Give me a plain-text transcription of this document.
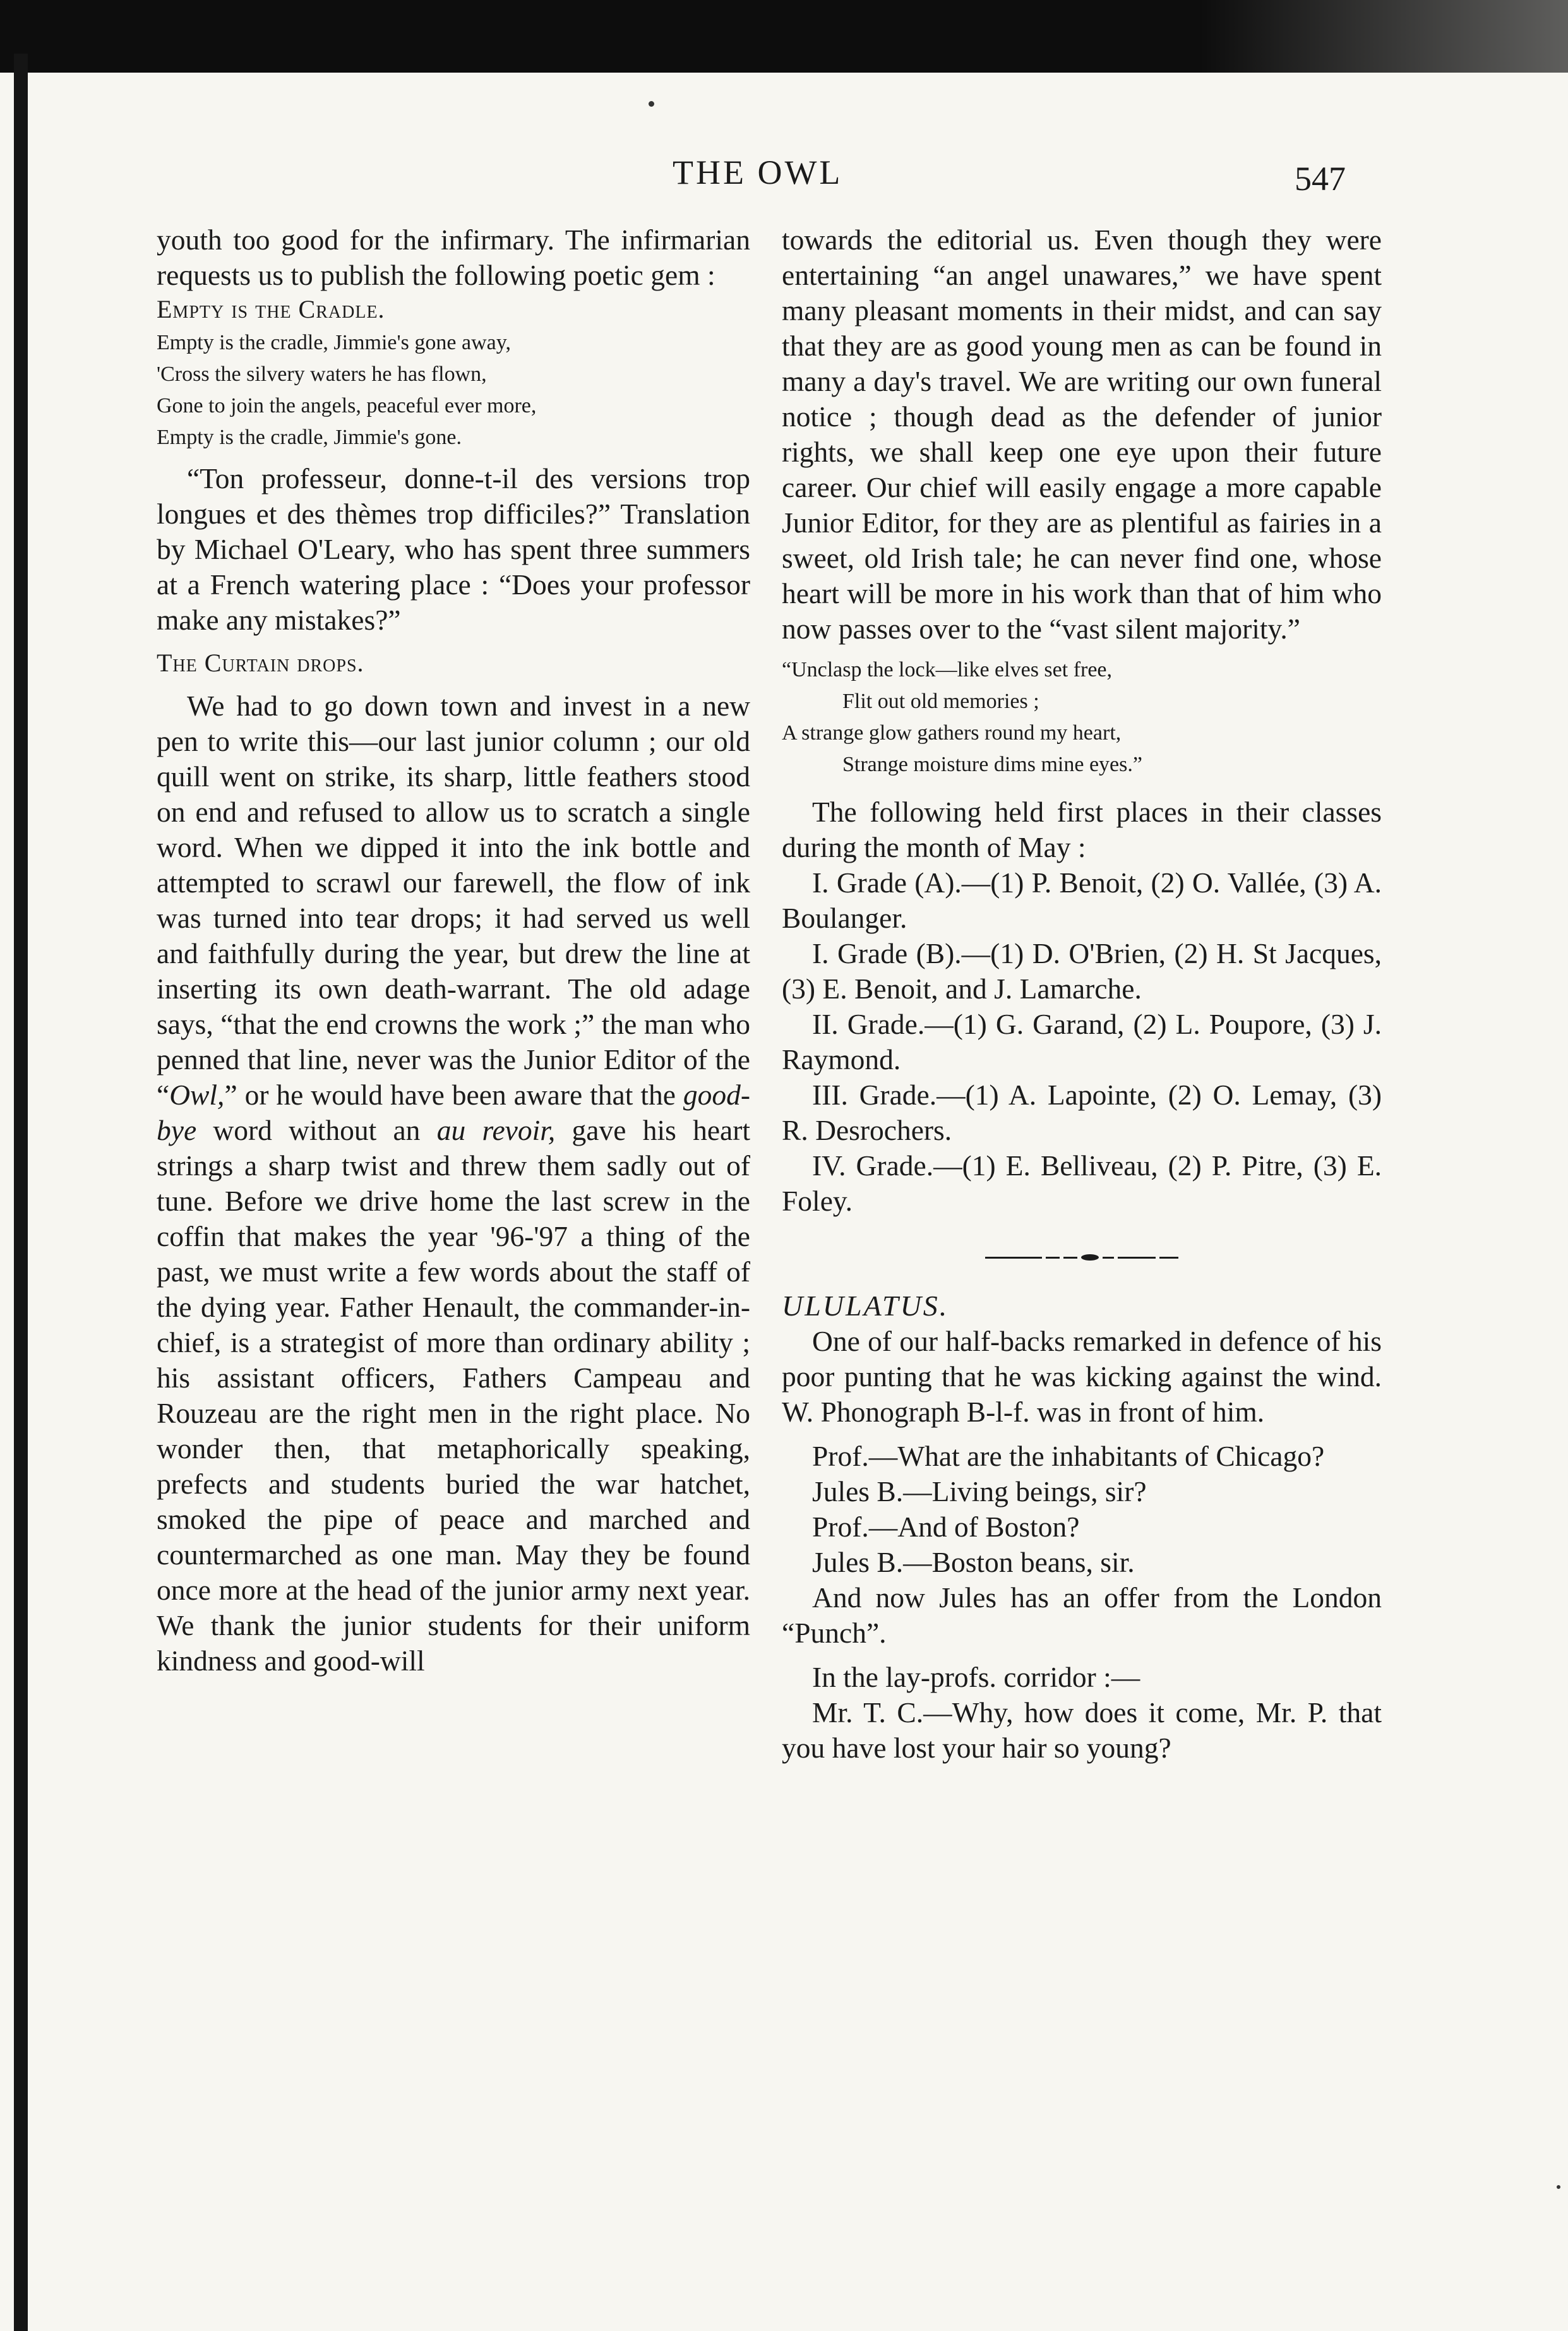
THE OWL	547

youth too good for the infirmary. The infirmarian requests us to publish the following poetic gem :

Empty is the Cradle.

Empty is the cradle, Jimmie's gone away,
'Cross the silvery waters he has flown,
Gone to join the angels, peaceful ever more,
Empty is the cradle, Jimmie's gone.

“Ton professeur, donne-t-il des versions trop longues et des thèmes trop difficiles?” Translation by Michael O'Leary, who has spent three summers at a French watering place : “Does your professor make any mistakes?”

The Curtain drops.

We had to go down town and invest in a new pen to write this—our last junior column ; our old quill went on strike, its sharp, little feathers stood on end and refused to allow us to scratch a single word. When we dipped it into the ink bottle and attempted to scrawl our farewell, the flow of ink was turned into tear drops; it had served us well and faithfully during the year, but drew the line at inserting its own death-warrant. The old adage says, “that the end crowns the work ;” the man who penned that line, never was the Junior Editor of the “Owl,” or he would have been aware that the good-bye word without an au revoir, gave his heart strings a sharp twist and threw them sadly out of tune. Before we drive home the last screw in the coffin that makes the year '96-'97 a thing of the past, we must write a few words about the staff of the dying year. Father Henault, the commander-in-chief, is a strategist of more than ordinary ability ; his assistant officers, Fathers Campeau and Rouzeau are the right men in the right place. No wonder then, that metaphorically speaking, prefects and students buried the war hatchet, smoked the pipe of peace and marched and countermarched as one man. May they be found once more at the head of the junior army next year. We thank the junior students for their uniform kindness and good-will

towards the editorial us. Even though they were entertaining “an angel unawares,” we have spent many pleasant moments in their midst, and can say that they are as good young men as can be found in many a day's travel. We are writing our own funeral notice ; though dead as the defender of junior rights, we shall keep one eye upon their future career. Our chief will easily engage a more capable Junior Editor, for they are as plentiful as fairies in a sweet, old Irish tale; he can never find one, whose heart will be more in his work than that of him who now passes over to the “vast silent majority.”

“Unclasp the lock—like elves set free,
Flit out old memories ;
A strange glow gathers round my heart,
Strange moisture dims mine eyes.”

The following held first places in their classes during the month of May :

I. Grade (A).—(1) P. Benoit, (2) O. Vallée, (3) A. Boulanger.

I. Grade (B).—(1) D. O'Brien, (2) H. St Jacques, (3) E. Benoit, and J. Lamarche.

II. Grade.—(1) G. Garand, (2) L. Poupore, (3) J. Raymond.

III. Grade.—(1) A. Lapointe, (2) O. Lemay, (3) R. Desrochers.

IV. Grade.—(1) E. Belliveau, (2) P. Pitre, (3) E. Foley.

ULULATUS.

One of our half-backs remarked in defence of his poor punting that he was kicking against the wind. W. Phonograph B-l-f. was in front of him.

Prof.—What are the inhabitants of Chicago?

Jules B.—Living beings, sir?

Prof.—And of Boston?

Jules B.—Boston beans, sir.

And now Jules has an offer from the London “Punch”.

In the lay-profs. corridor :—

Mr. T. C.—Why, how does it come, Mr. P. that you have lost your hair so young?
